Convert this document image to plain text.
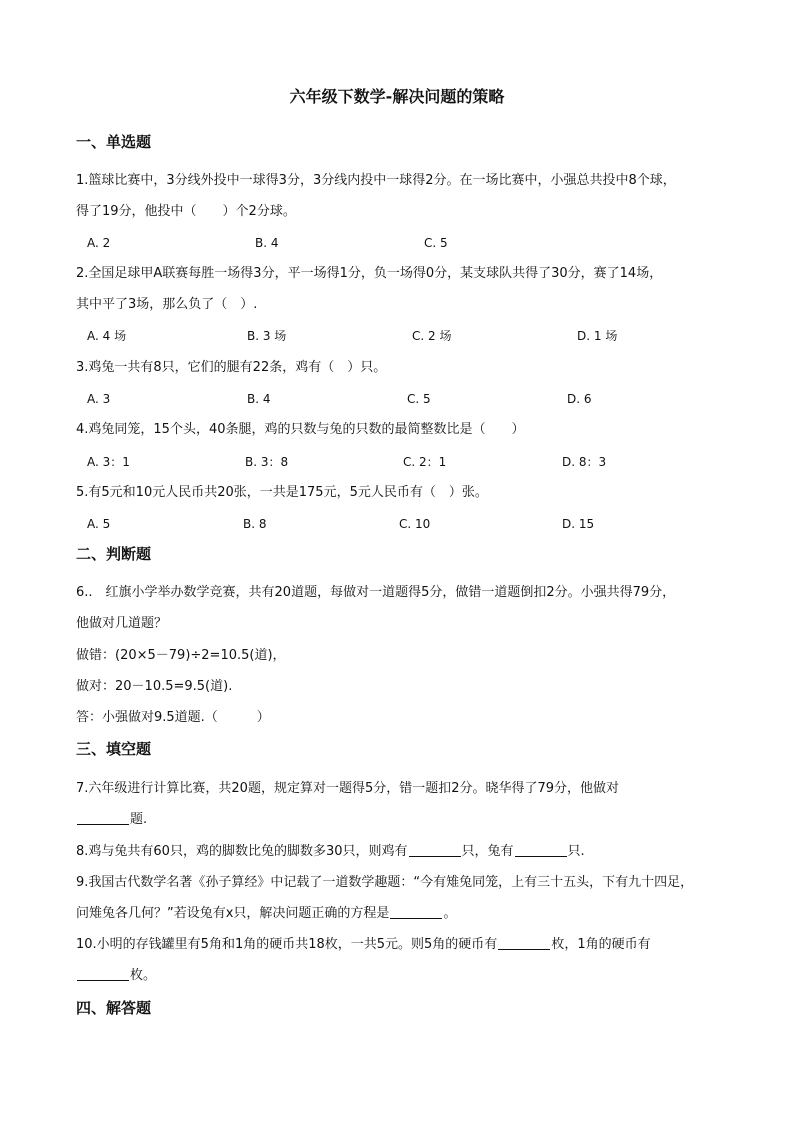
六年级下数学-解决问题的策略
一、单选题
1.篮球比赛中，3分线外投中一球得3分，3分线内投中一球得2分。在一场比赛中，小强总共投中8个球，
得了19分，他投中（　　）个2分球。
A. 2	B. 4	C. 5
2.全国足球甲A联赛每胜一场得3分，平一场得1分，负一场得0分，某支球队共得了30分，赛了14场，
其中平了3场，那么负了（　）.
A. 4 场	B. 3 场	C. 2 场	D. 1 场
3.鸡兔一共有8只，它们的腿有22条，鸡有（　）只。
A. 3	B. 4	C. 5	D. 6
4.鸡兔同笼，15个头，40条腿，鸡的只数与兔的只数的最简整数比是（　　）
A. 3：1	B. 3：8	C. 2：1	D. 8：3
5.有5元和10元人民币共20张，一共是175元，5元人民币有（　）张。
A. 5	B. 8	C. 10	D. 15
二、判断题
6..　红旗小学举办数学竞赛，共有20道题，每做对一道题得5分，做错一道题倒扣2分。小强共得79分，
他做对几道题？
做错：(20×5－79)÷2=10.5(道)，
做对：20－10.5=9.5(道).
答：小强做对9.5道题.（　　　）
三、填空题
7.六年级进行计算比赛，共20题，规定算对一题得5分，错一题扣2分。晓华得了79分，他做对
题.
8.鸡与兔共有60只，鸡的脚数比兔的脚数多30只，则鸡有	只，兔有	只.
9.我国古代数学名著《孙子算经》中记载了一道数学趣题：“今有雉兔同笼，上有三十五头，下有九十四足，
问雉兔各几何？”若设兔有x只，解决问题正确的方程是	。
10.小明的存钱罐里有5角和1角的硬币共18枚，一共5元。则5角的硬币有	枚，1角的硬币有
枚。
四、解答题
